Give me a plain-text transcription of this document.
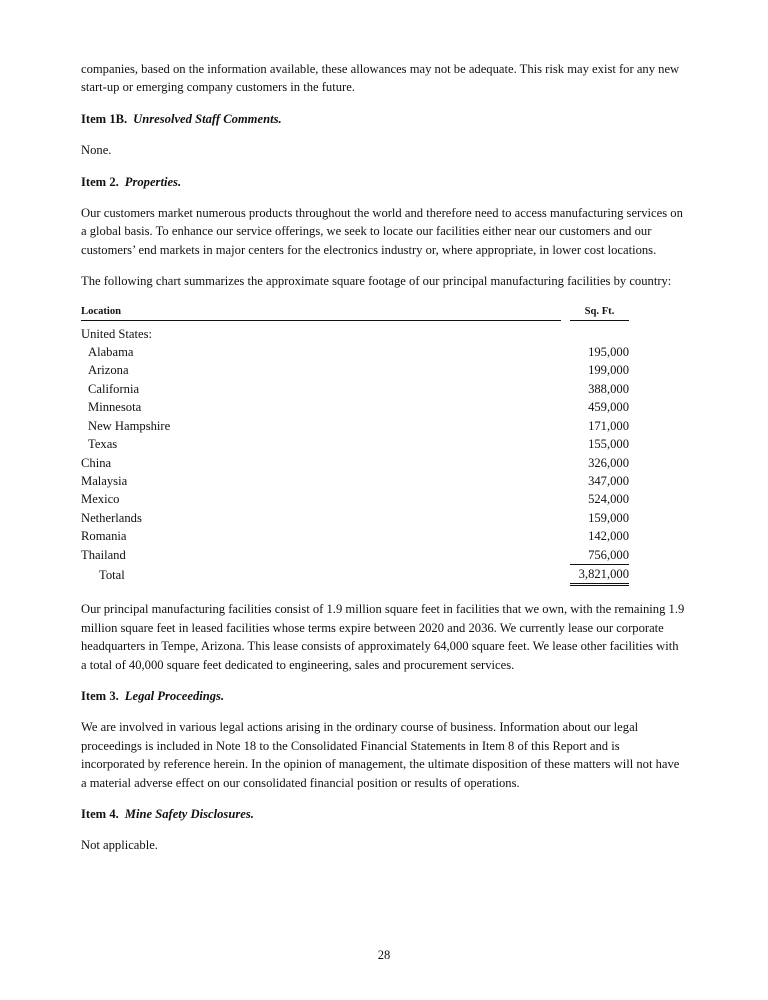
companies, based on the information available, these allowances may not be adequate. This risk may exist for any new start-up or emerging company customers in the future.

Item 1B. Unresolved Staff Comments.

None.

Item 2. Properties.

Our customers market numerous products throughout the world and therefore need to access manufacturing services on a global basis. To enhance our service offerings, we seek to locate our facilities either near our customers and our customers’ end markets in major centers for the electronics industry or, where appropriate, in lower cost locations.

The following chart summarizes the approximate square footage of our principal manufacturing facilities by country:

Location		Sq. Ft.
United States:		
Alabama		195,000
Arizona		199,000
California		388,000
Minnesota		459,000
New Hampshire		171,000
Texas		155,000
China		326,000
Malaysia		347,000
Mexico		524,000
Netherlands		159,000
Romania		142,000
Thailand		756,000
Total		3,821,000

Our principal manufacturing facilities consist of 1.9 million square feet in facilities that we own, with the remaining 1.9 million square feet in leased facilities whose terms expire between 2020 and 2036. We currently lease our corporate headquarters in Tempe, Arizona. This lease consists of approximately 64,000 square feet. We lease other facilities with a total of 40,000 square feet dedicated to engineering, sales and procurement services.

Item 3. Legal Proceedings.

We are involved in various legal actions arising in the ordinary course of business. Information about our legal proceedings is included in Note 18 to the Consolidated Financial Statements in Item 8 of this Report and is incorporated by reference herein. In the opinion of management, the ultimate disposition of these matters will not have a material adverse effect on our consolidated financial position or results of operations.

Item 4. Mine Safety Disclosures.

Not applicable.

28
